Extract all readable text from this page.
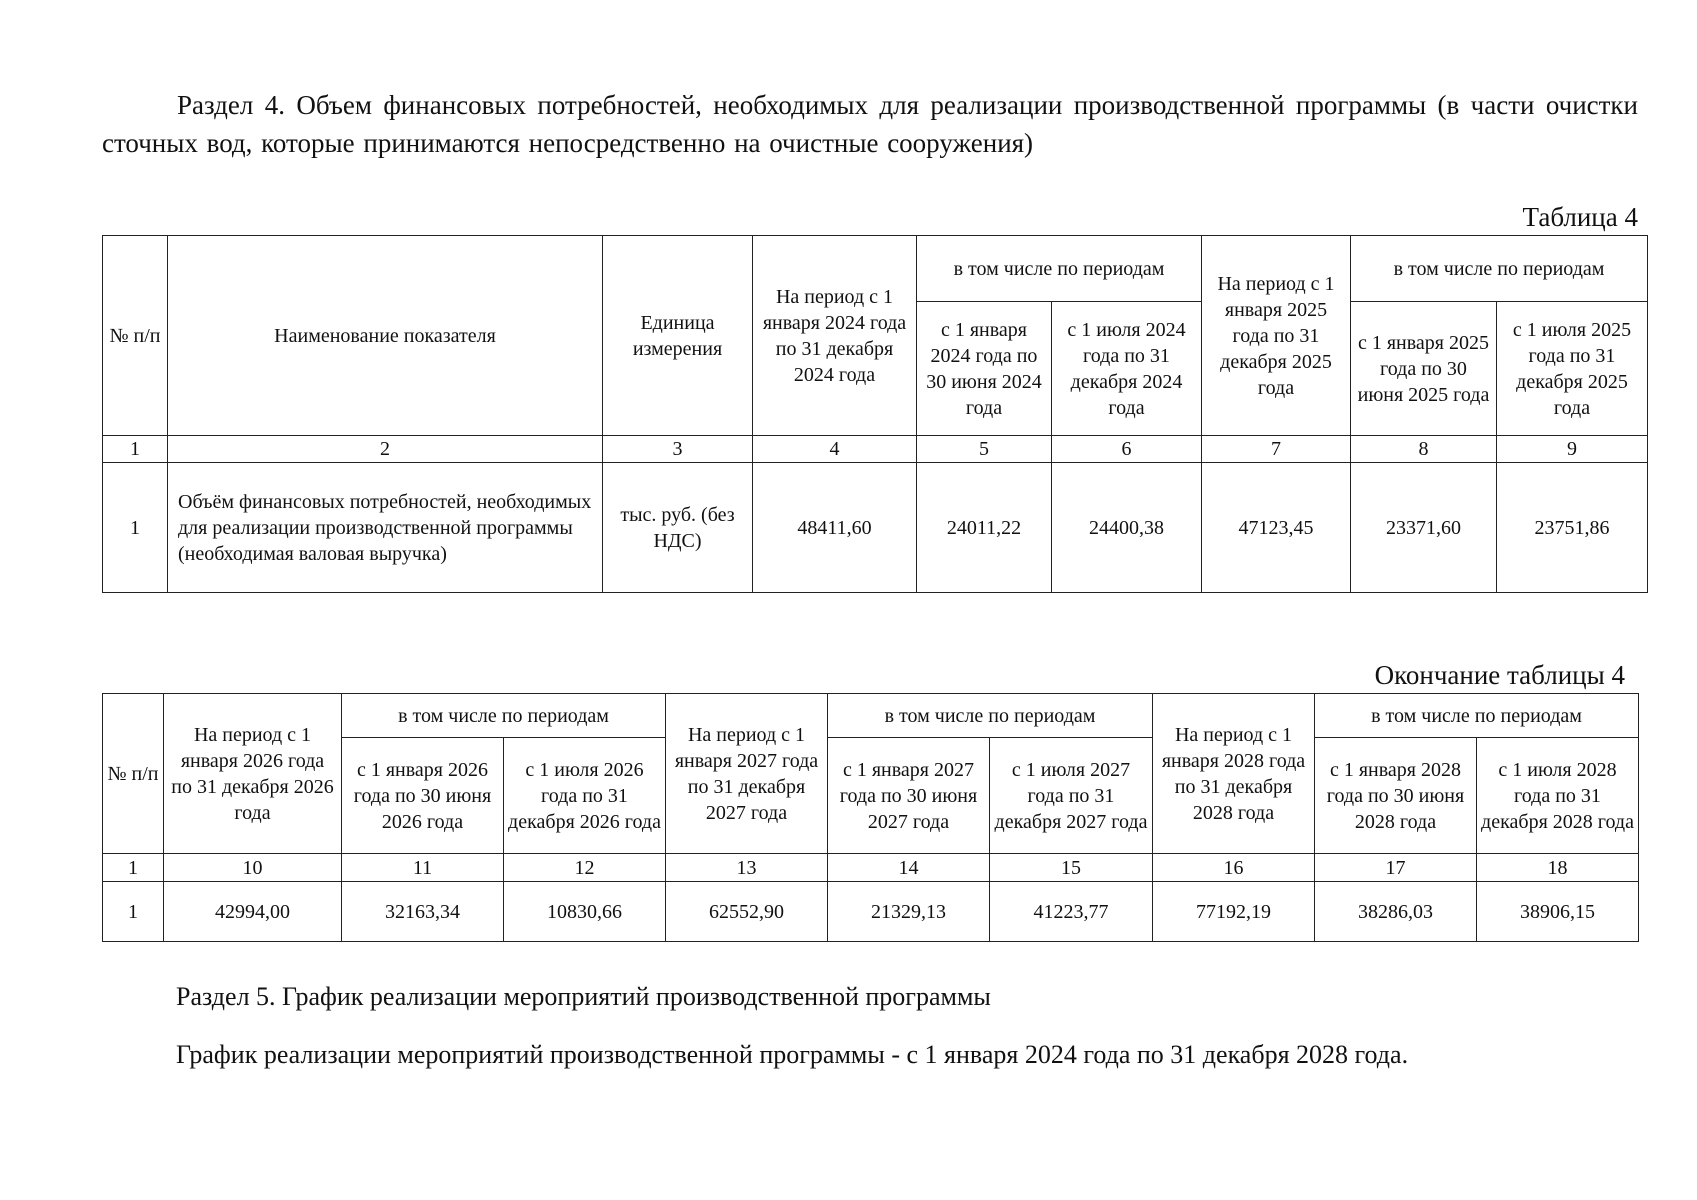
Раздел 4. Объем финансовых потребностей, необходимых для реализации производственной программы (в части очистки сточных вод, которые принимаются непосредственно на очистные сооружения)
Таблица 4
№ п/п	Наименование показателя	Единица измерения	На период с 1 января 2024 года по 31 декабря 2024 года	в том числе по периодам		На период с 1 января 2025 года по 31 декабря 2025 года	в том числе по периодам	
				с 1 января 2024 года по 30 июня 2024 года	с 1 июля 2024 года по 31 декабря 2024 года		с 1 января 2025 года по 30 июня 2025 года	с 1 июля 2025 года по 31 декабря 2025 года
1	2	3	4	5	6	7	8	9
1	Объём финансовых потребностей, необходимых для реализации производственной программы (необходимая валовая выручка)	тыс. руб. (без НДС)	48411,60	24011,22	24400,38	47123,45	23371,60	23751,86
Окончание таблицы 4
№ п/п	На период с 1 января 2026 года по 31 декабря 2026 года	в том числе по периодам		На период с 1 января 2027 года по 31 декабря 2027 года	в том числе по периодам		На период с 1 января 2028 года по 31 декабря 2028 года	в том числе по периодам	
		с 1 января 2026 года по 30 июня 2026 года	с 1 июля 2026 года по 31 декабря 2026 года		с 1 января 2027 года по 30 июня 2027 года	с 1 июля 2027 года по 31 декабря 2027 года		с 1 января 2028 года по 30 июня 2028 года	с 1 июля 2028 года по 31 декабря 2028 года
1	10	11	12	13	14	15	16	17	18
1	42994,00	32163,34	10830,66	62552,90	21329,13	41223,77	77192,19	38286,03	38906,15
Раздел 5. График реализации мероприятий производственной программы
График реализации мероприятий производственной программы - с 1 января 2024 года по 31 декабря 2028 года.
